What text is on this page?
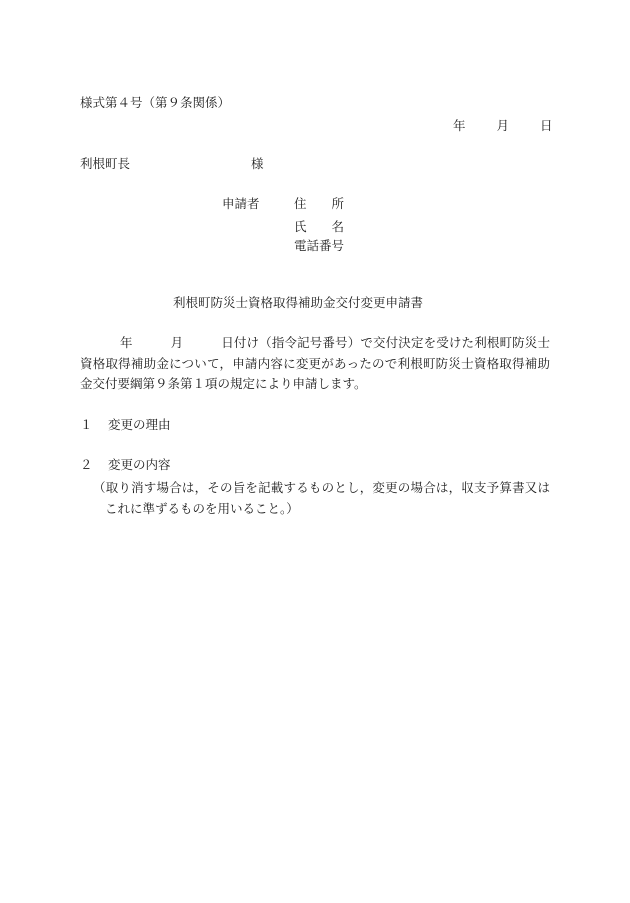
様式第４号（第９条関係）
年 月 日
利根町長	様
申請者	住　　所
氏　　名
電話番号
利根町防災士資格取得補助金交付変更申請書
年　　　	月　　　	日付け（指令記号番号）で交付決定を受けた利根町防災士資格取得補助金について，申請内容に変更があったので利根町防災士資格取得補助金交付要綱第９条第１項の規定により申請します。
１ 変更の理由
２ 変更の内容
（取り消す場合は，その旨を記載するものとし，変更の場合は，収支予算書又はこれに準ずるものを用いること。）
